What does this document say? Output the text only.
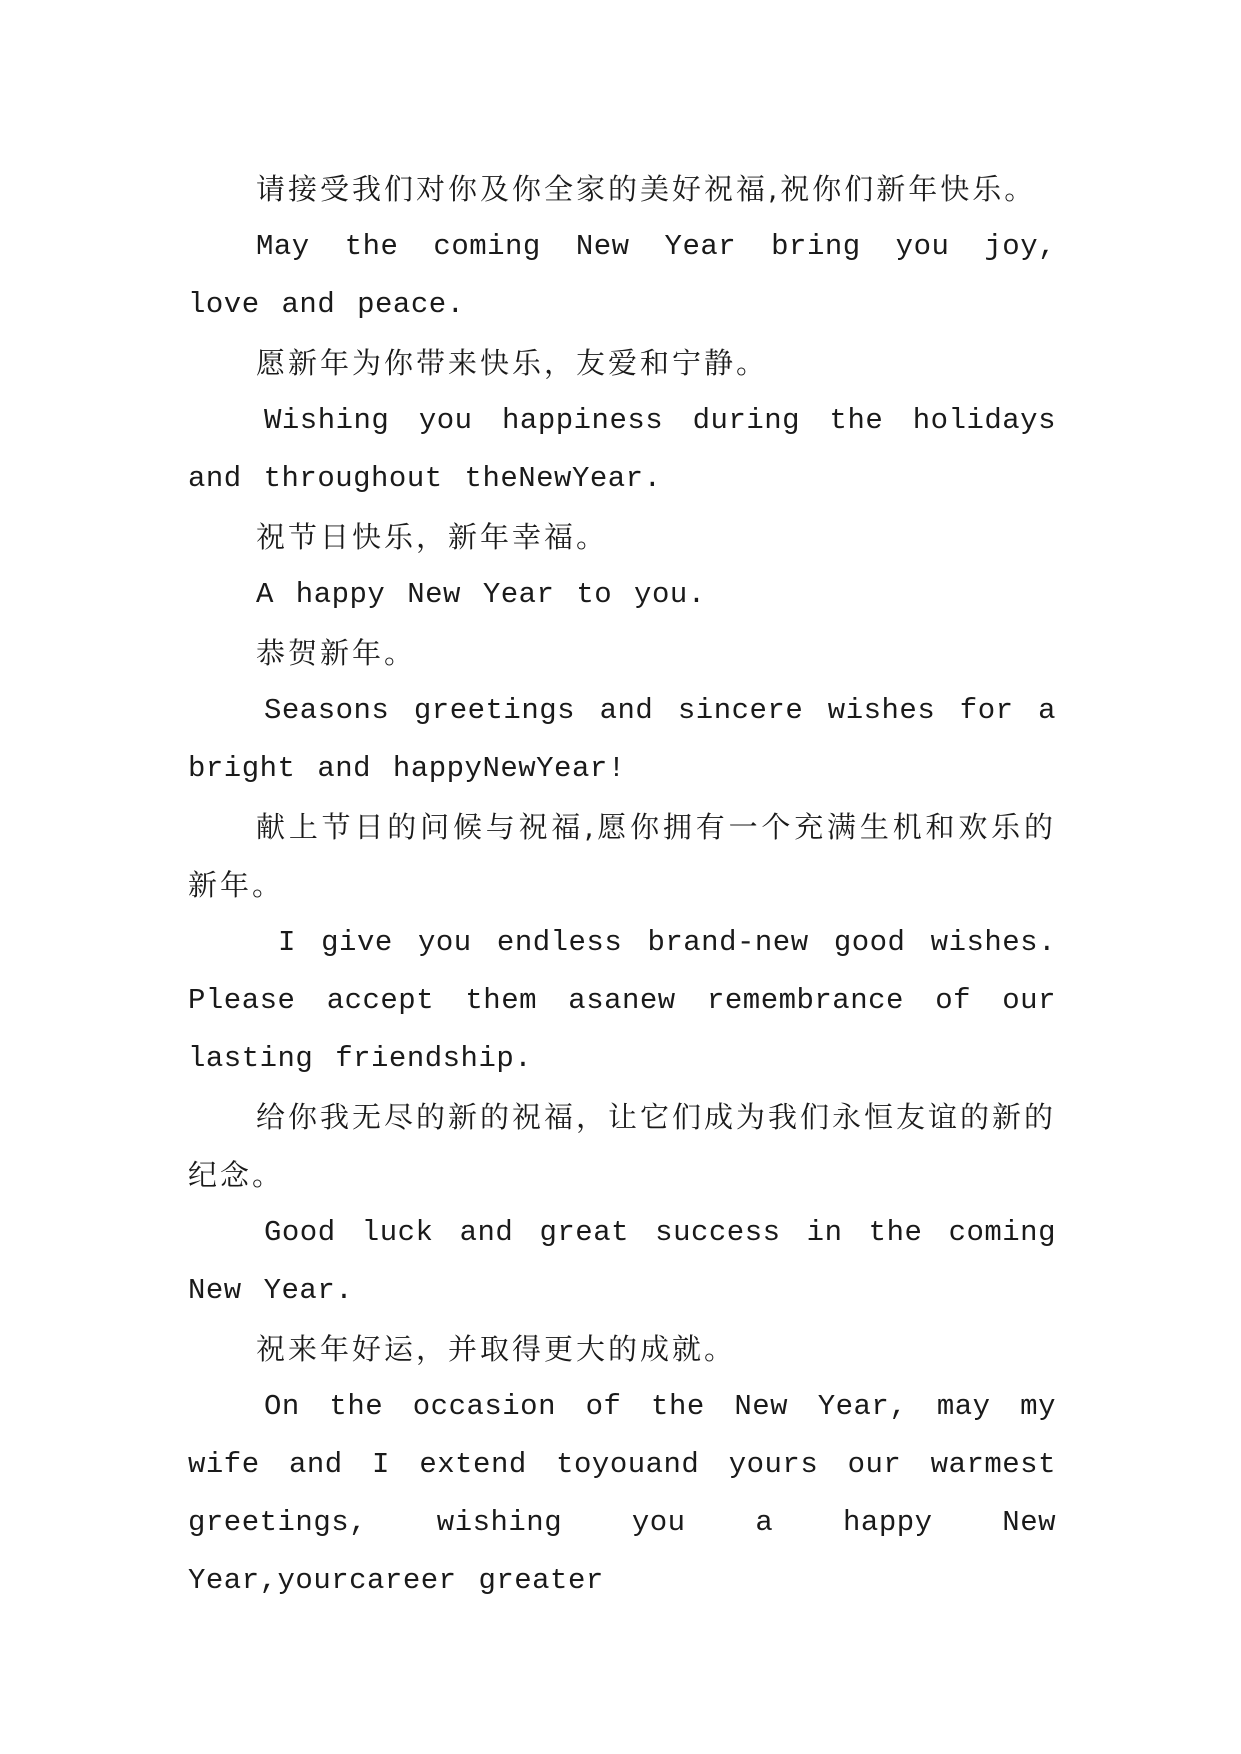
请接受我们对你及你全家的美好祝福,祝你们新年快乐。

May the coming New Year bring you joy, love and peace.

愿新年为你带来快乐，友爱和宁静。

Wishing you happiness during the holidays and throughout theNewYear.

祝节日快乐，新年幸福。

A happy New Year to you.

恭贺新年。

Seasons greetings and sincere wishes for a bright and happyNewYear!

献上节日的问候与祝福,愿你拥有一个充满生机和欢乐的新年。

I give you endless brand-new good wishes. Please accept them asanew remembrance of our lasting friendship.

给你我无尽的新的祝福，让它们成为我们永恒友谊的新的纪念。

Good luck and great success in the coming New Year.

祝来年好运，并取得更大的成就。

On the occasion of the New Year, may my wife and I extend toyouand yours our warmest greetings, wishing you a happy New Year,yourcareer greater
